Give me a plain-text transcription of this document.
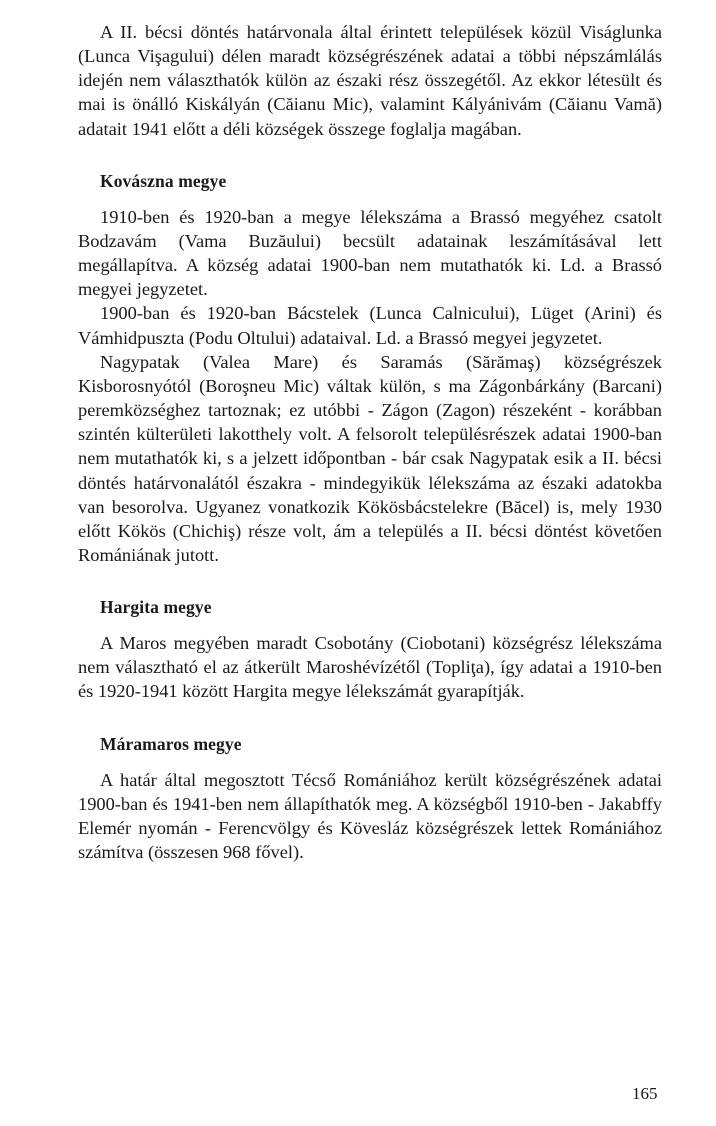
A II. bécsi döntés határvonala által érintett települések közül Viságlunka (Lunca Vişagului) délen maradt községrészének adatai a többi népszámlálás idején nem választhatók külön az északi rész összegétől. Az ekkor létesült és mai is önálló Kiskályán (Căianu Mic), valamint Kályánivám (Căianu Vamă) adatait 1941 előtt a déli községek összege foglalja magában.

Kovászna megye

1910-ben és 1920-ban a megye lélekszáma a Brassó megyéhez csatolt Bodzavám (Vama Buzăului) becsült adatainak leszámításával lett megállapítva. A község adatai 1900-ban nem mutathatók ki. Ld. a Brassó megyei jegyzetet.

1900-ban és 1920-ban Bácstelek (Lunca Calnicului), Lüget (Arini) és Vámhidpuszta (Podu Oltului) adataival. Ld. a Brassó megyei jegyzetet.

Nagypatak (Valea Mare) és Saramás (Sărămaş) községrészek Kisborosnyótól (Boroşneu Mic) váltak külön, s ma Zágonbárkány (Barcani) peremközséghez tartoznak; ez utóbbi - Zágon (Zagon) részeként - korábban szintén külterületi lakotthely volt. A felsorolt településrészek adatai 1900-ban nem mutathatók ki, s a jelzett időpontban - bár csak Nagypatak esik a II. bécsi döntés határvonalától északra - mindegyikük lélekszáma az északi adatokba van besorolva. Ugyanez vonatkozik Kökösbácstelekre (Băcel) is, mely 1930 előtt Kökös (Chichiş) része volt, ám a település a II. bécsi döntést követően Romániának jutott.

Hargita megye

A Maros megyében maradt Csobotány (Ciobotani) községrész lélekszáma nem választható el az átkerült Maroshévízétől (Topliţa), így adatai a 1910-ben és 1920-1941 között Hargita megye lélekszámát gyarapítják.

Máramaros megye

A határ által megosztott Técső Romániához került községrészének adatai 1900-ban és 1941-ben nem állapíthatók meg. A községből 1910-ben - Jakabffy Elemér nyomán - Ferencvölgy és Kövesláz községrészek lettek Romániához számítva (összesen 968 fővel).

165
